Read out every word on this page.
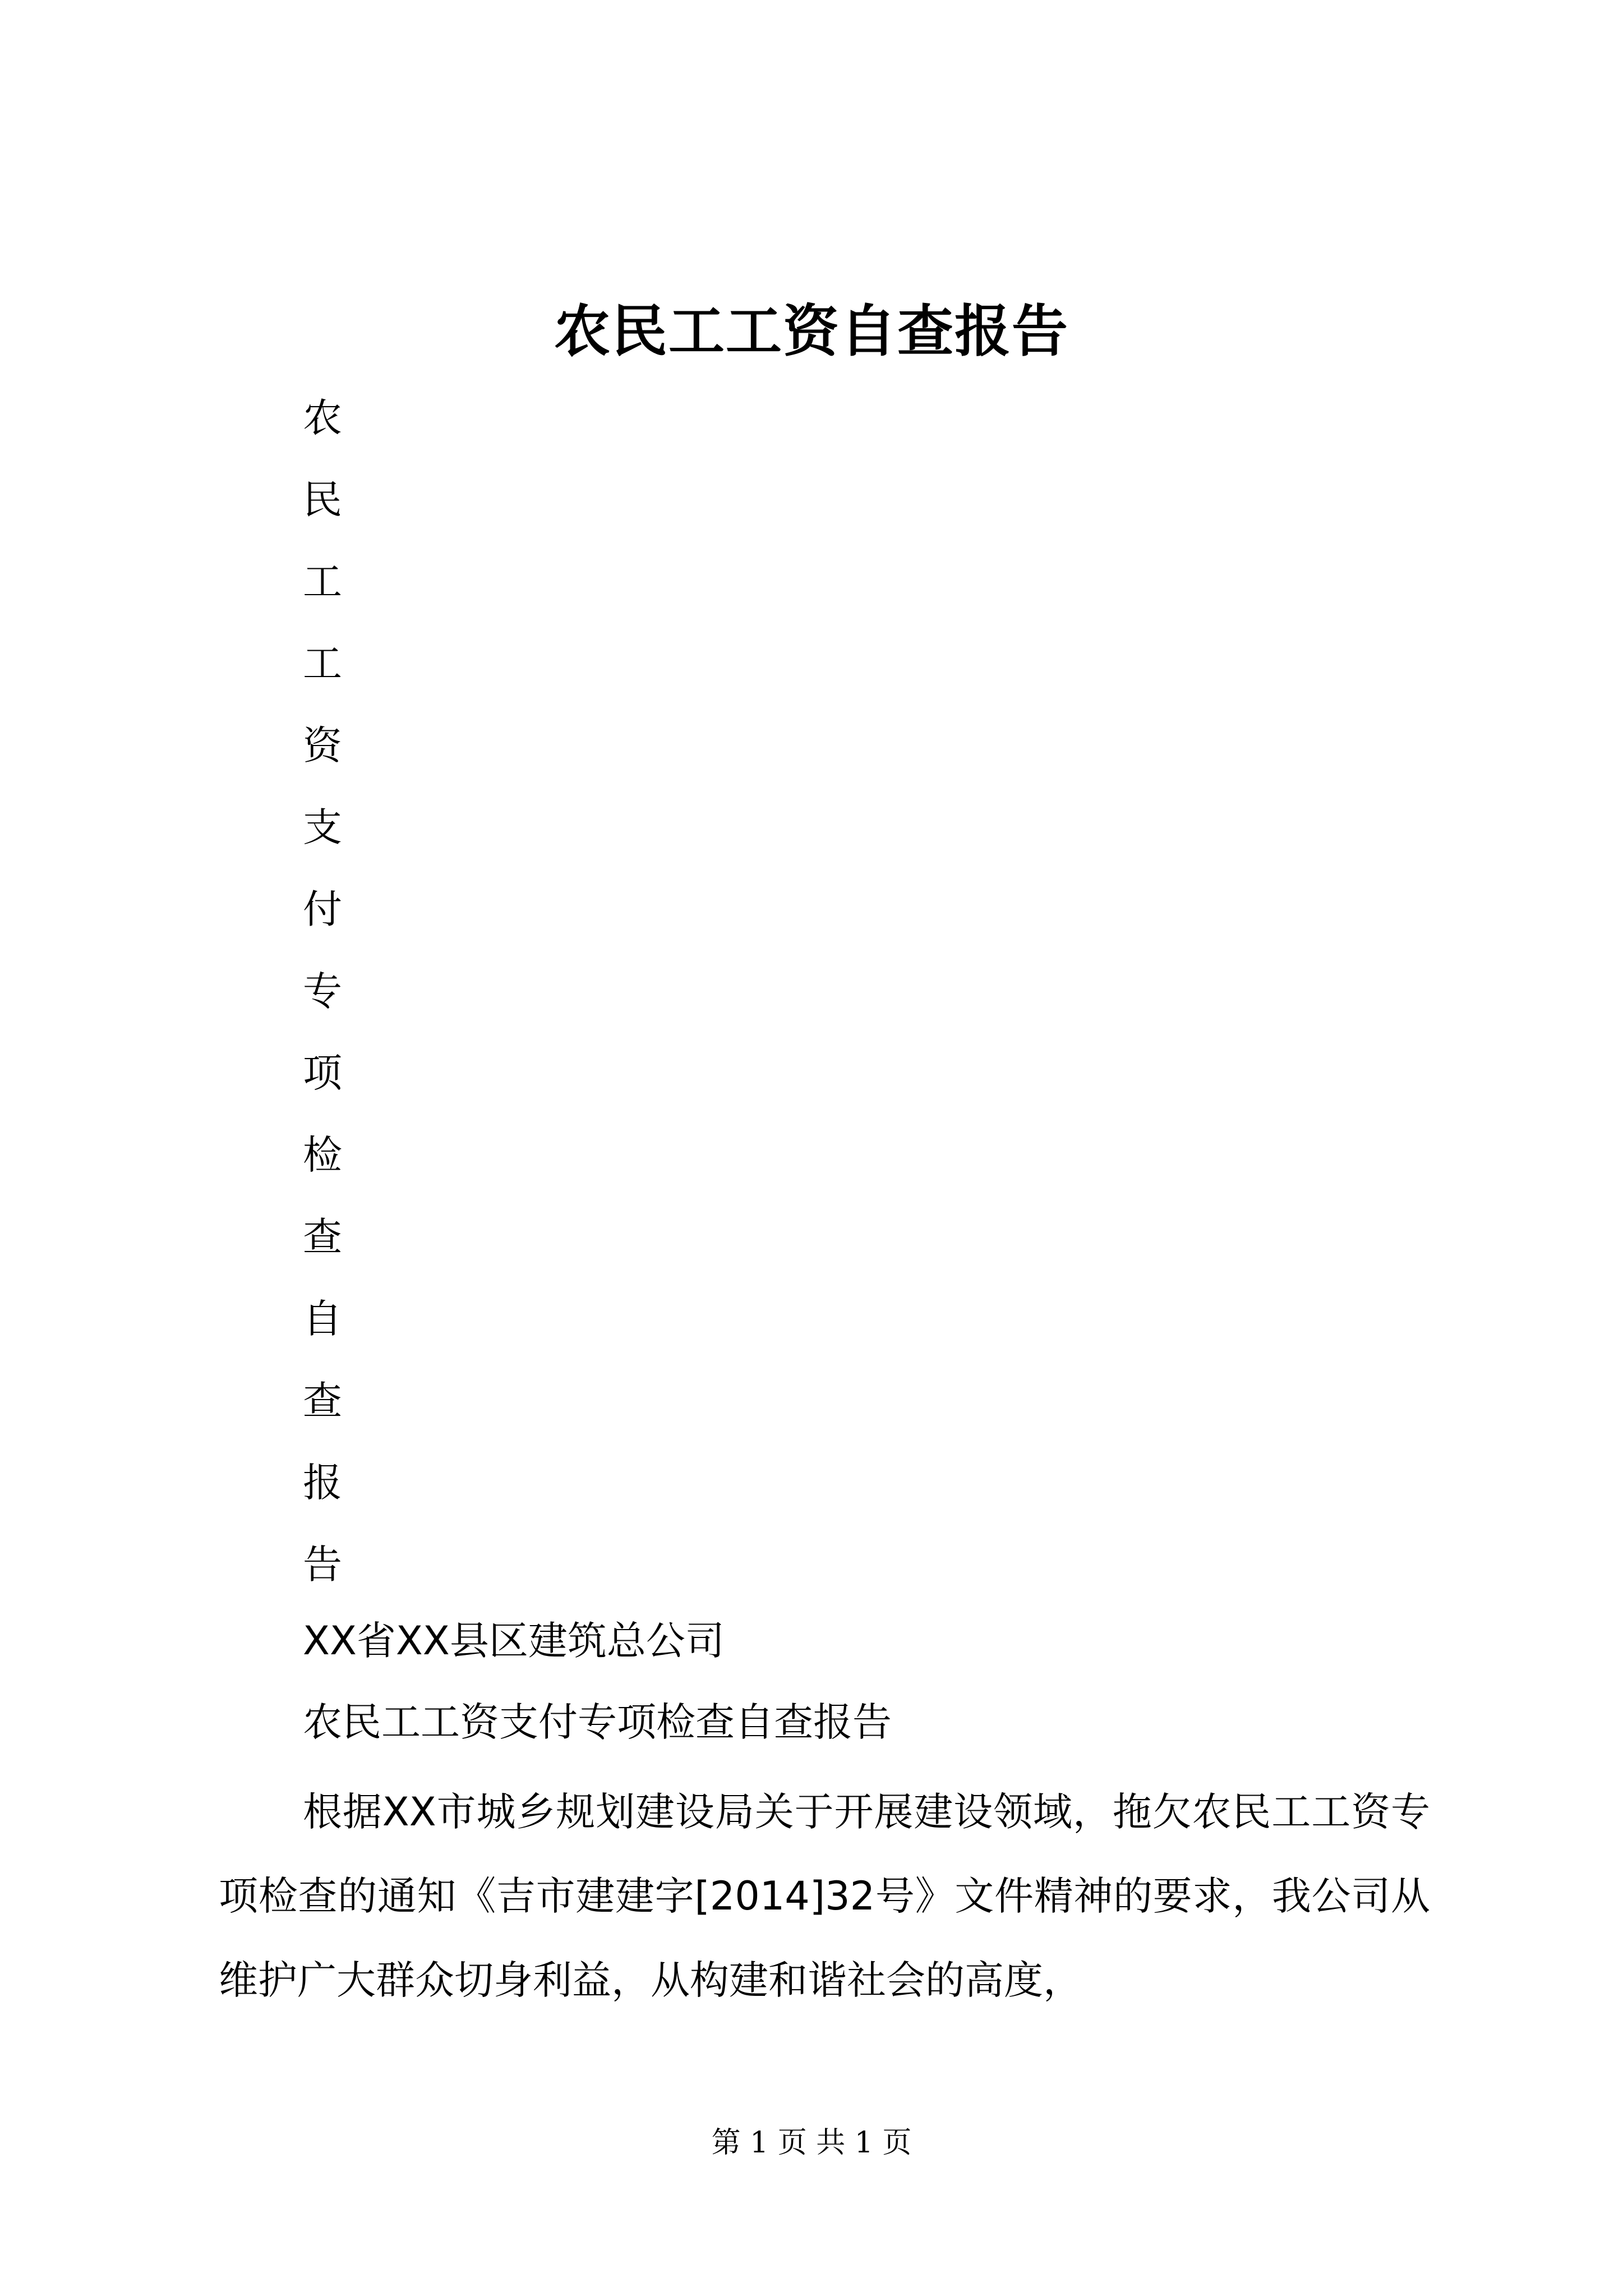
农民工工资自查报告
农
民
工
工
资
支
付
专
项
检
查
自
查
报
告
XX省XX县区建筑总公司
农民工工资支付专项检查自查报告

根据XX市城乡规划建设局关于开展建设领域，拖欠农民工工资专项检查的通知《吉市建建字[2014]32号》文件精神的要求，我公司从维护广大群众切身利益，从构建和谐社会的高度，

第 1 页 共 1 页
